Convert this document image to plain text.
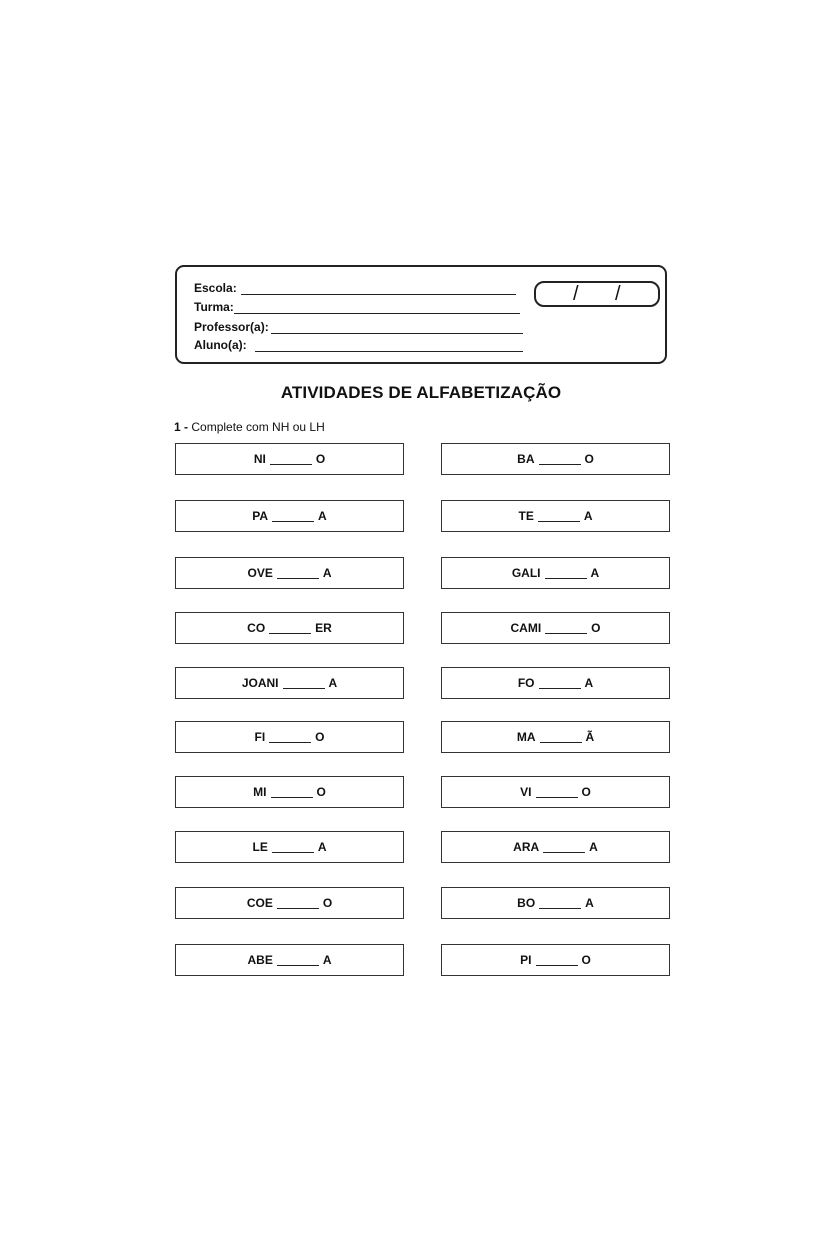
Escola:
Turma:
Professor(a):
Aluno(a):
/ /
ATIVIDADES DE ALFABETIZAÇÃO
1 - Complete com NH ou LH
NI	O
PA	A
OVE	A
CO	ER
JOANI	A
FI	O
MI	O
LE	A
COE	O
ABE	A
BA	O
TE	A
GALI	A
CAMI	O
FO	A
MA	Ã
VI	O
ARA	A
BO	A
PI	O
